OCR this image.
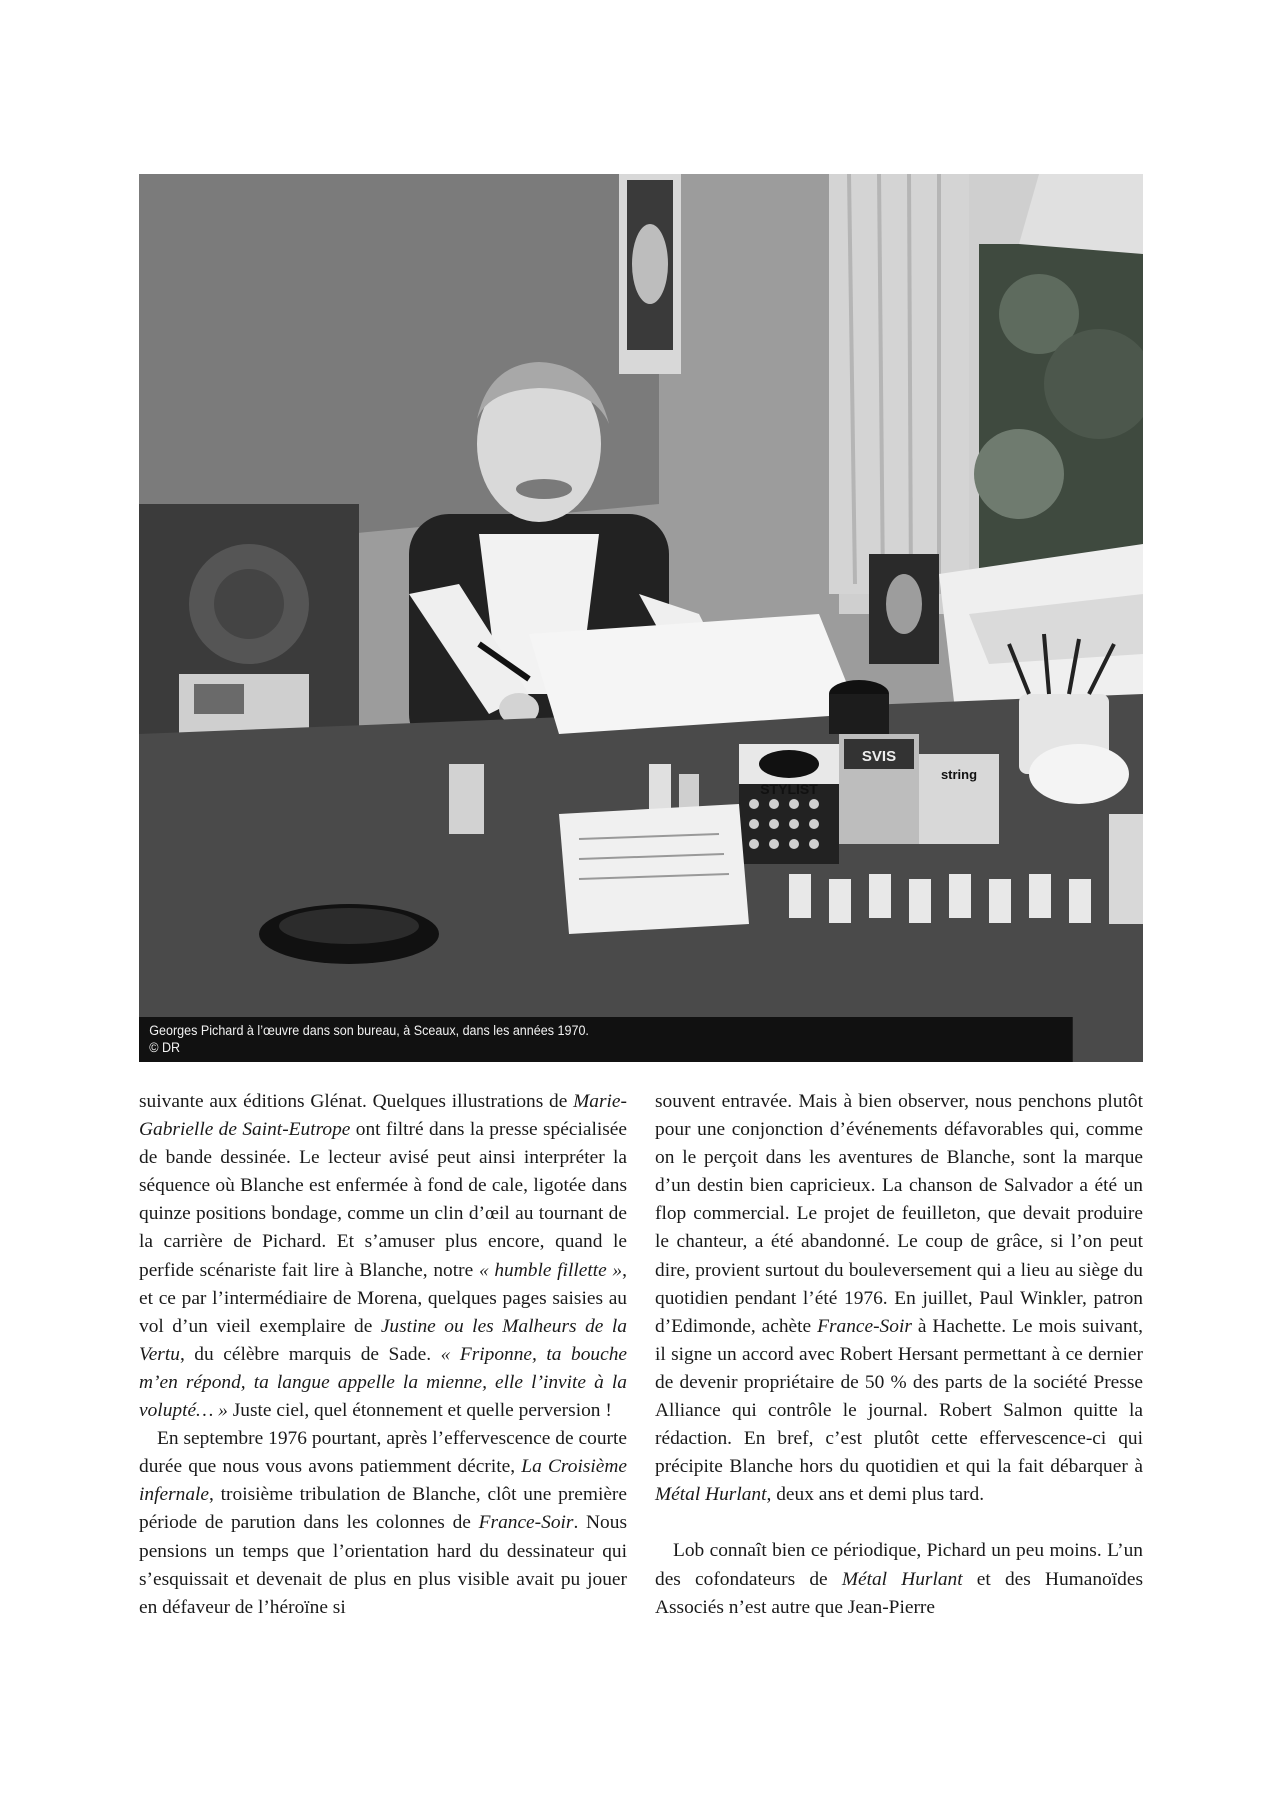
STYLIST
SVIS
string
Georges Pichard à l’œuvre dans son bureau, à Sceaux, dans les années 1970.
© DR

suivante aux éditions Glénat. Quelques illustrations de Marie-Gabrielle de Saint-Eutrope ont filtré dans la presse spécialisée de bande dessinée. Le lecteur avisé peut ainsi interpréter la séquence où Blanche est enfermée à fond de cale, ligotée dans quinze positions bondage, comme un clin d’œil au tournant de la carrière de Pichard. Et s’amuser plus encore, quand le perfide scénariste fait lire à Blanche, notre « humble fillette », et ce par l’intermédiaire de Morena, quelques pages saisies au vol d’un vieil exemplaire de Justine ou les Malheurs de la Vertu, du célèbre marquis de Sade. « Friponne, ta bouche m’en répond, ta langue appelle la mienne, elle l’invite à la volupté… » Juste ciel, quel étonnement et quelle perversion !

En septembre 1976 pourtant, après l’effervescence de courte durée que nous vous avons patiemment décrite, La Croisième infernale, troisième tribulation de Blanche, clôt une première période de parution dans les colonnes de France-Soir. Nous pensions un temps que l’orientation hard du dessinateur qui s’esquissait et devenait de plus en plus visible avait pu jouer en défaveur de l’héroïne si

souvent entravée. Mais à bien observer, nous penchons plutôt pour une conjonction d’événements défavorables qui, comme on le perçoit dans les aventures de Blanche, sont la marque d’un destin bien capricieux. La chanson de Salvador a été un flop commercial. Le projet de feuilleton, que devait produire le chanteur, a été abandonné. Le coup de grâce, si l’on peut dire, provient surtout du bouleversement qui a lieu au siège du quotidien pendant l’été 1976. En juillet, Paul Winkler, patron d’Edimonde, achète France-Soir à Hachette. Le mois suivant, il signe un accord avec Robert Hersant permettant à ce dernier de devenir propriétaire de 50 % des parts de la société Presse Alliance qui contrôle le journal. Robert Salmon quitte la rédaction. En bref, c’est plutôt cette effervescence-ci qui précipite Blanche hors du quotidien et qui la fait débarquer à Métal Hurlant, deux ans et demi plus tard.

Lob connaît bien ce périodique, Pichard un peu moins. L’un des cofondateurs de Métal Hurlant et des Humanoïdes Associés n’est autre que Jean-Pierre
